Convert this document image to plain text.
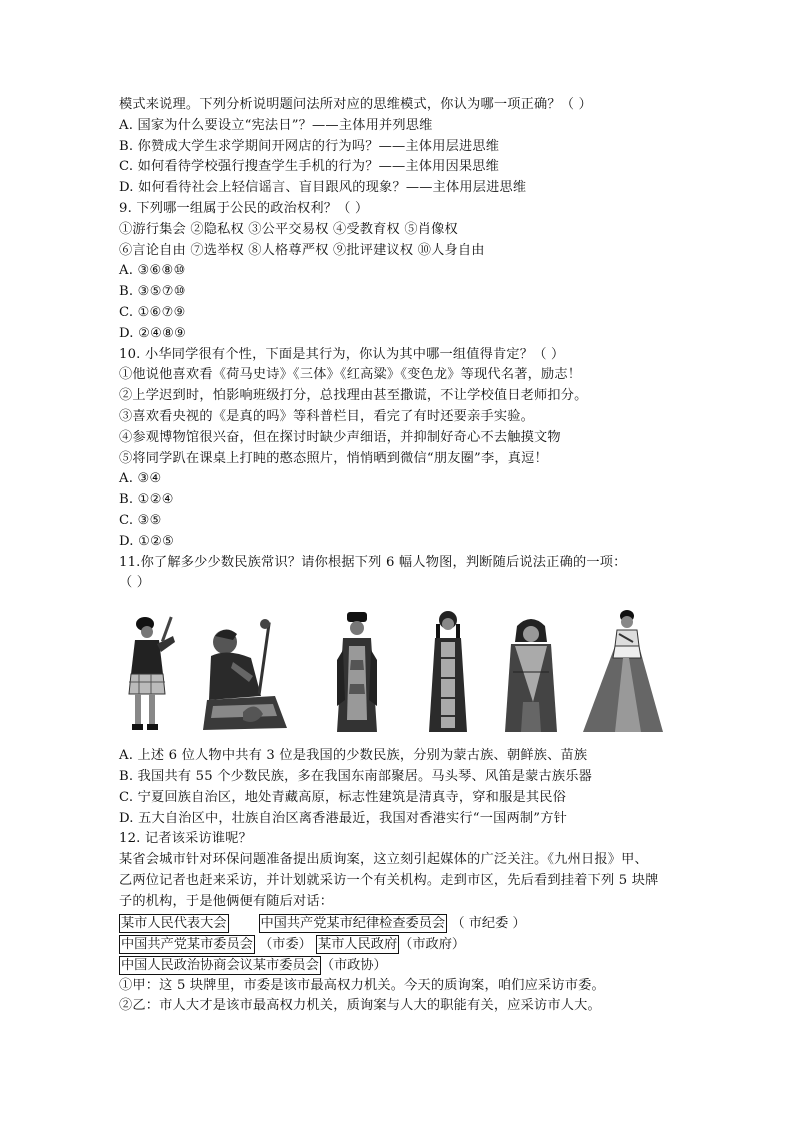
模式来说理。下列分析说明题问法所对应的思维模式，你认为哪一项正确？（ ）
A. 国家为什么要设立“宪法日”？——主体用并列思维
B. 你赞成大学生求学期间开网店的行为吗？——主体用层进思维
C. 如何看待学校强行搜查学生手机的行为？——主体用因果思维
D. 如何看待社会上轻信谣言、盲目跟风的现象？——主体用层进思维
9. 下列哪一组属于公民的政治权利？（ ）
①游行集会 ②隐私权 ③公平交易权 ④受教育权 ⑤肖像权
⑥言论自由 ⑦选举权 ⑧人格尊严权 ⑨批评建议权 ⑩人身自由
A. ③⑥⑧⑩
B. ③⑤⑦⑩
C. ①⑥⑦⑨
D. ②④⑧⑨
10. 小华同学很有个性，下面是其行为，你认为其中哪一组值得肯定？（ ）
①他说他喜欢看《荷马史诗》《三体》《红高粱》《变色龙》等现代名著，励志！
②上学迟到时，怕影响班级打分，总找理由甚至撒谎，不让学校值日老师扣分。
③喜欢看央视的《是真的吗》等科普栏目，看完了有时还要亲手实验。
④参观博物馆很兴奋，但在探讨时缺少声细语，并抑制好奇心不去触摸文物
⑤将同学趴在课桌上打盹的憨态照片，悄悄晒到微信“朋友圈”李，真逗！
A. ③④
B. ①②④
C. ③⑤
D. ①②⑤
11.你了解多少少数民族常识？请你根据下列 6 幅人物图，判断随后说法正确的一项：
（ ）
A. 上述 6 位人物中共有 3 位是我国的少数民族，分别为蒙古族、朝鲜族、苗族
B. 我国共有 55 个少数民族，多在我国东南部聚居。马头琴、风笛是蒙古族乐器
C. 宁夏回族自治区，地处青藏高原，标志性建筑是清真寺，穿和服是其民俗
D. 五大自治区中，壮族自治区离香港最近，我国对香港实行“一国两制”方针
12. 记者该采访谁呢？
某省会城市针对环保问题准备提出质询案，这立刻引起媒体的广泛关注。《九州日报》甲、
乙两位记者也赶来采访，并计划就采访一个有关机构。走到市区，先后看到挂着下列 5 块牌
子的机构，于是他俩便有随后对话：
某市人民代表大会	中国共产党某市纪律检查委员会 （ 市纪委 ）
中国共产党某市委员会 （市委） 某市人民政府 （市政府）
中国人民政治协商会议某市委员会 （市政协）
①甲：这 5 块牌里，市委是该市最高权力机关。今天的质询案，咱们应采访市委。
②乙：市人大才是该市最高权力机关，质询案与人大的职能有关，应采访市人大。
